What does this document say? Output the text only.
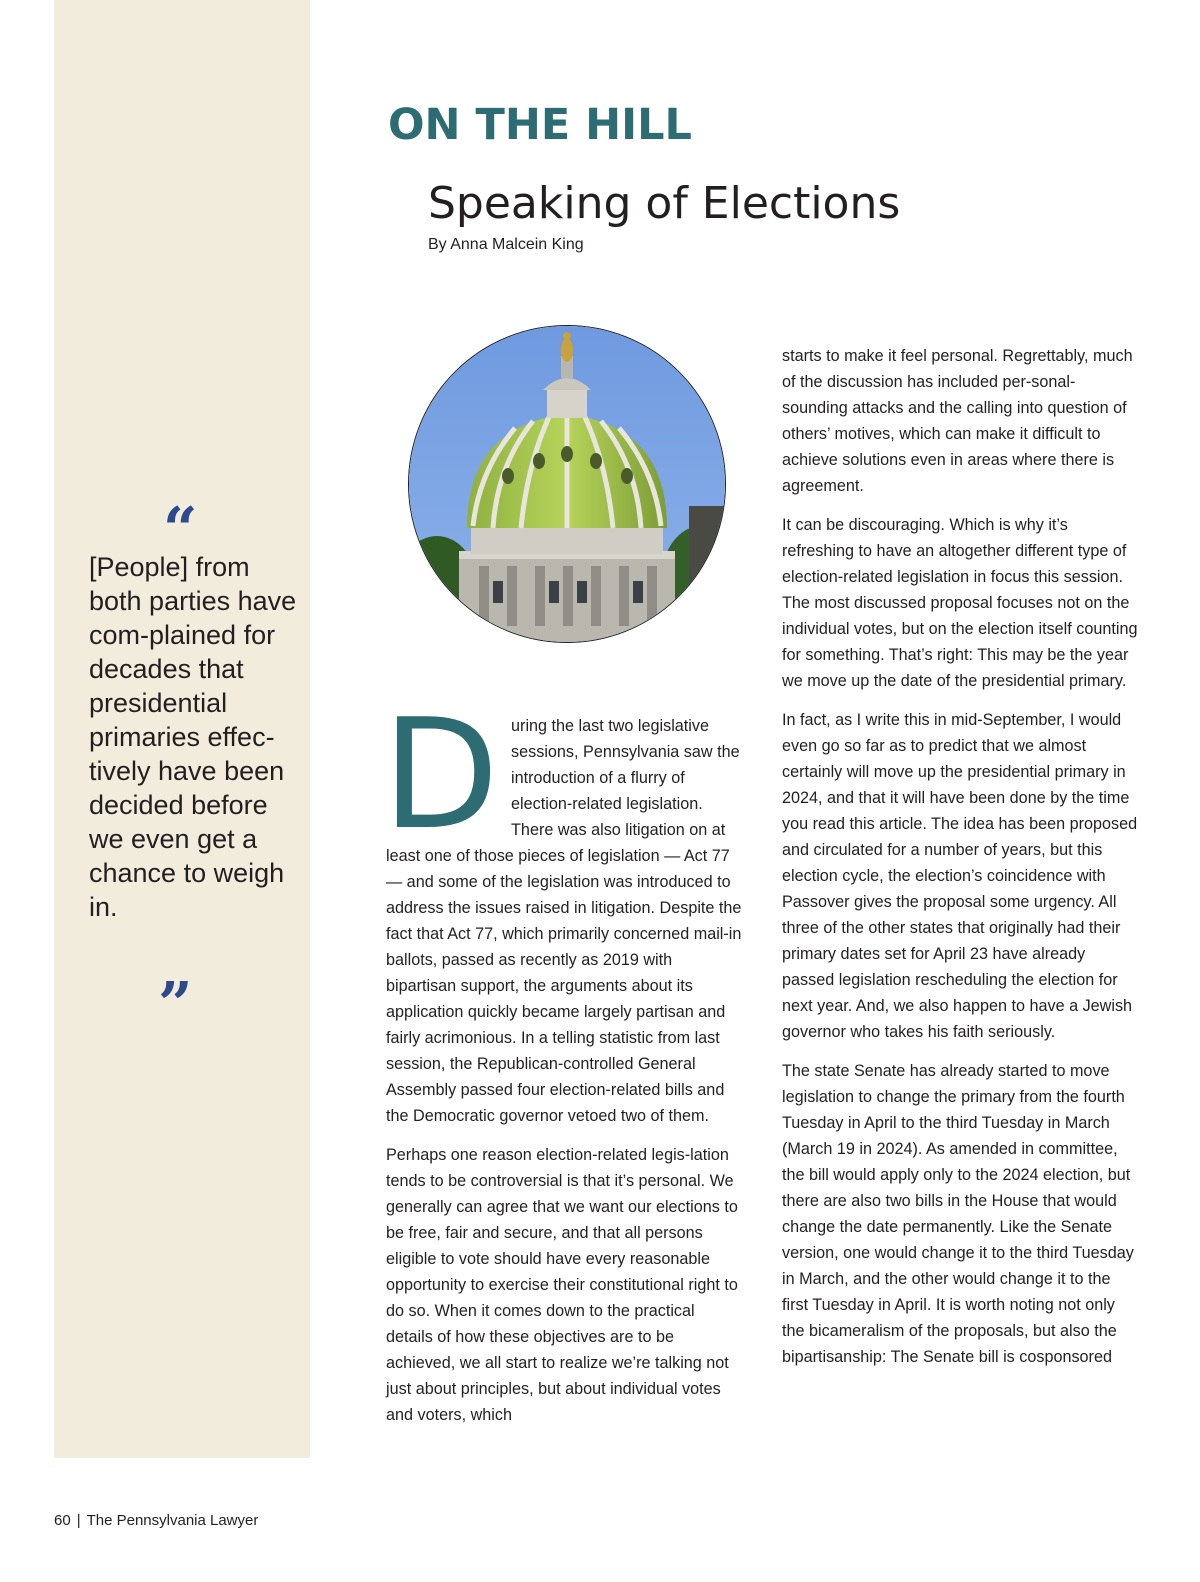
“
[People] from both parties have com-plained for decades that presidential primaries effec-tively have been decided before we even get a chance to weigh in.
”
ON THE HILL
Speaking of Elections
By Anna Malcein King

During the last two legislative sessions, Pennsylvania saw the introduction of a flurry of election-related legislation. There was also litigation on at least one of those pieces of legislation — Act 77 — and some of the legislation was introduced to address the issues raised in litigation. Despite the fact that Act 77, which primarily concerned mail-in ballots, passed as recently as 2019 with bipartisan support, the arguments about its application quickly became largely partisan and fairly acrimonious. In a telling statistic from last session, the Republican-controlled General Assembly passed four election-related bills and the Democratic governor vetoed two of them.

Perhaps one reason election-related legis-lation tends to be controversial is that it’s personal. We generally can agree that we want our elections to be free, fair and secure, and that all persons eligible to vote should have every reasonable opportunity to exercise their constitutional right to do so. When it comes down to the practical details of how these objectives are to be achieved, we all start to realize we’re talking not just about principles, but about individual votes and voters, which

starts to make it feel personal. Regrettably, much of the discussion has included per-sonal-sounding attacks and the calling into question of others’ motives, which can make it difficult to achieve solutions even in areas where there is agreement.

It can be discouraging. Which is why it’s refreshing to have an altogether different type of election-related legislation in focus this session. The most discussed proposal focuses not on the individual votes, but on the election itself counting for something. That’s right: This may be the year we move up the date of the presidential primary.

In fact, as I write this in mid-September, I would even go so far as to predict that we almost certainly will move up the presidential primary in 2024, and that it will have been done by the time you read this article. The idea has been proposed and circulated for a number of years, but this election cycle, the election’s coincidence with Passover gives the proposal some urgency. All three of the other states that originally had their primary dates set for April 23 have already passed legislation rescheduling the election for next year. And, we also happen to have a Jewish governor who takes his faith seriously.

The state Senate has already started to move legislation to change the primary from the fourth Tuesday in April to the third Tuesday in March (March 19 in 2024). As amended in committee, the bill would apply only to the 2024 election, but there are also two bills in the House that would change the date permanently. Like the Senate version, one would change it to the third Tuesday in March, and the other would change it to the first Tuesday in April. It is worth noting not only the bicameralism of the proposals, but also the bipartisanship: The Senate bill is cosponsored

60 | The Pennsylvania Lawyer
